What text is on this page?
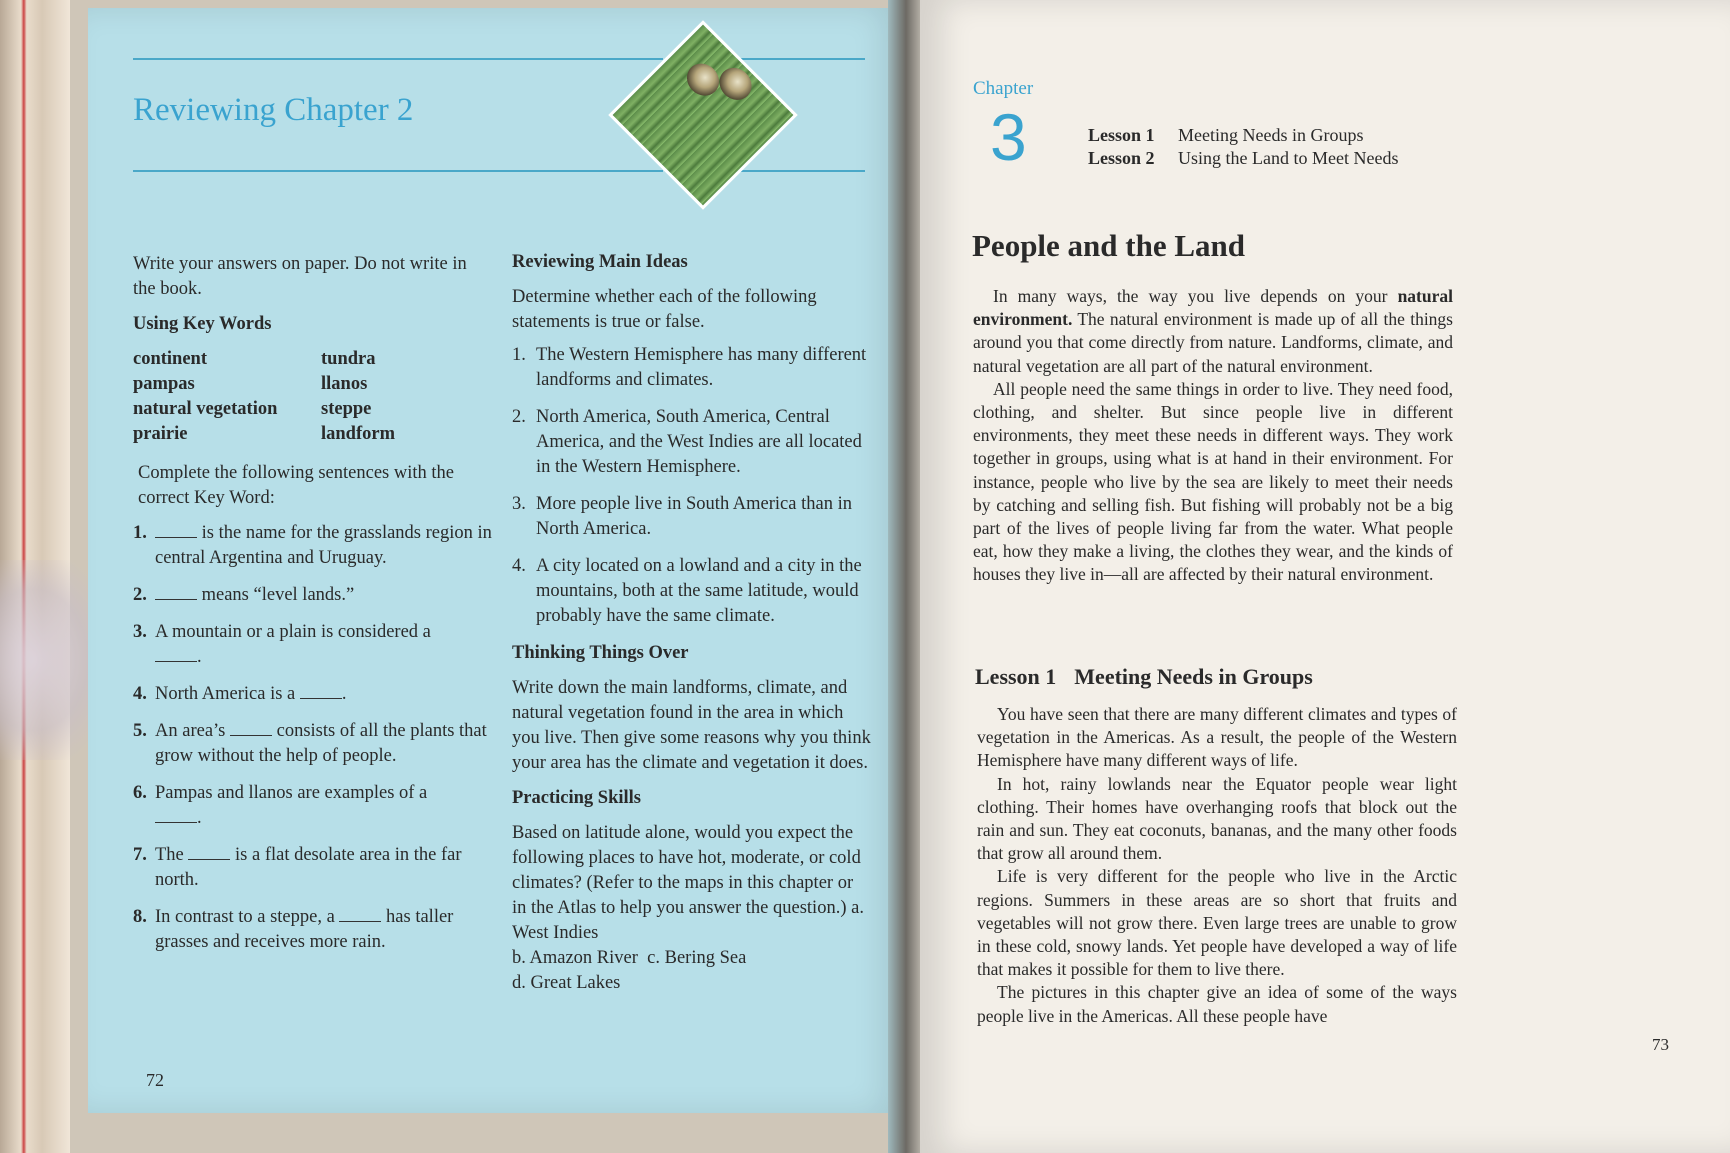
Reviewing Chapter 2

Write your answers on paper. Do not write in the book.

Using Key Words

continent	tundra
pampas	llanos
natural vegetation	steppe
prairie	landform

Complete the following sentences with the correct Key Word:

1.	is the name for the grasslands region in central Argentina and Uruguay.
2.	means “level lands.”
3. A mountain or a plain is considered a
.
4. North America is a .
5. An area’s  consists of all the plants that grow without the help of people.
6. Pampas and llanos are examples of a
.
7. The  is a flat desolate area in the far north.
8. In contrast to a steppe, a  has taller grasses and receives more rain.

Reviewing Main Ideas

Determine whether each of the following statements is true or false.

1. The Western Hemisphere has many different landforms and climates.
2. North America, South America, Central America, and the West Indies are all located in the Western Hemisphere.
3. More people live in South America than in North America.
4. A city located on a lowland and a city in the mountains, both at the same latitude, would probably have the same climate.

Thinking Things Over

Write down the main landforms, climate, and natural vegetation found in the area in which you live. Then give some reasons why you think your area has the climate and vegetation it does.

Practicing Skills

Based on latitude alone, would you expect the following places to have hot, moderate, or cold climates? (Refer to the maps in this chapter or in the Atlas to help you answer the question.) a. West Indies

b. Amazon River c. Bering Sea

d. Great Lakes

72
Chapter
3	Lesson 1 Meeting Needs in Groups
Lesson 2 Using the Land to Meet Needs
People and the Land

In many ways, the way you live depends on your natural environment. The natural environment is made up of all the things around you that come directly from nature. Landforms, climate, and natural vegetation are all part of the natural environment.

All people need the same things in order to live. They need food, clothing, and shelter. But since people live in different environments, they meet these needs in different ways. They work together in groups, using what is at hand in their environment. For instance, people who live by the sea are likely to meet their needs by catching and selling fish. But fishing will probably not be a big part of the lives of people living far from the water. What people eat, how they make a living, the clothes they wear, and the kinds of houses they live in—all are affected by their natural environment.

Lesson 1 Meeting Needs in Groups

You have seen that there are many different climates and types of vegetation in the Americas. As a result, the people of the Western Hemisphere have many different ways of life.

In hot, rainy lowlands near the Equator people wear light clothing. Their homes have overhanging roofs that block out the rain and sun. They eat coconuts, bananas, and the many other foods that grow all around them.

Life is very different for the people who live in the Arctic regions. Summers in these areas are so short that fruits and vegetables will not grow there. Even large trees are unable to grow in these cold, snowy lands. Yet people have developed a way of life that makes it possible for them to live there.

The pictures in this chapter give an idea of some of the ways people live in the Americas. All these people have

73
